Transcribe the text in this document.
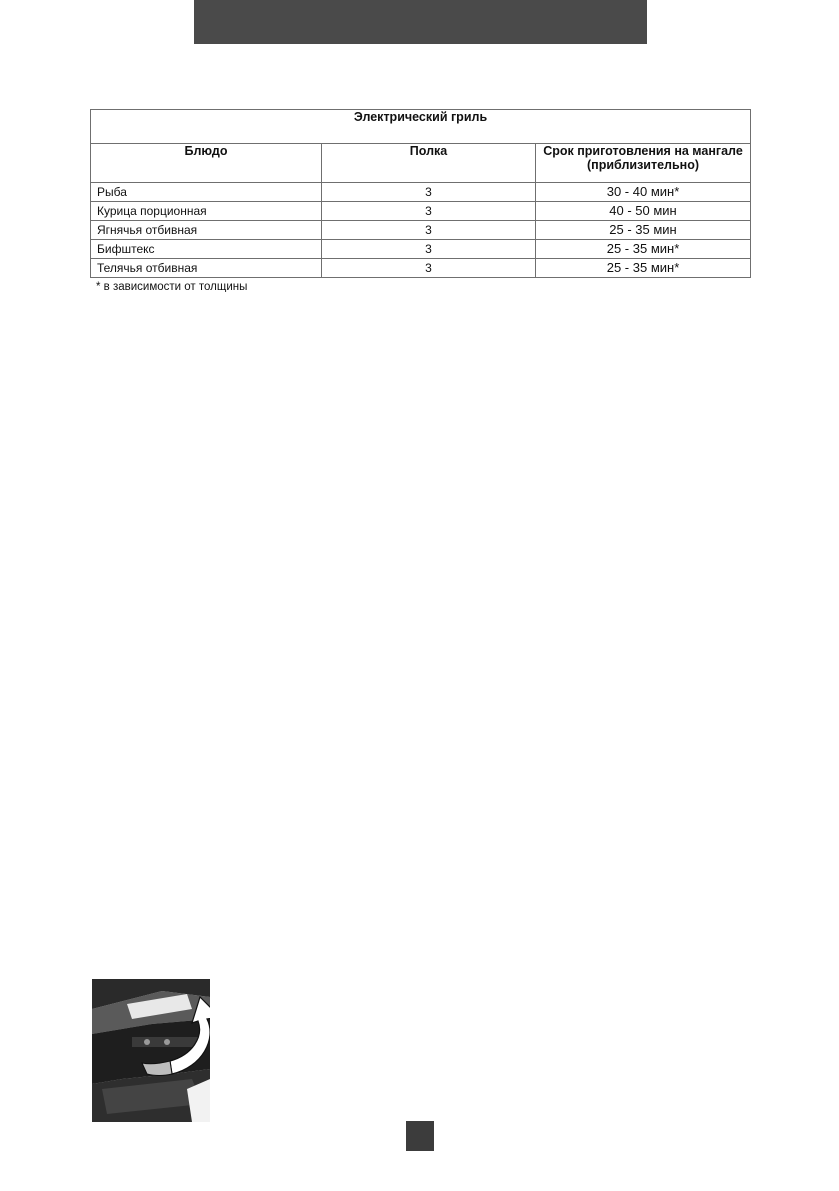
Электрический гриль		
Блюдо	Полка	Срок приготовления на мангале (приблизительно)
Рыба	3	30 - 40 мин*
Курица порционная	3	40 - 50 мин
Ягнячья отбивная	3	25 - 35 мин
Бифштекс	3	25 - 35 мин*
Телячья отбивная	3	25 - 35 мин*
* в зависимости от толщины
